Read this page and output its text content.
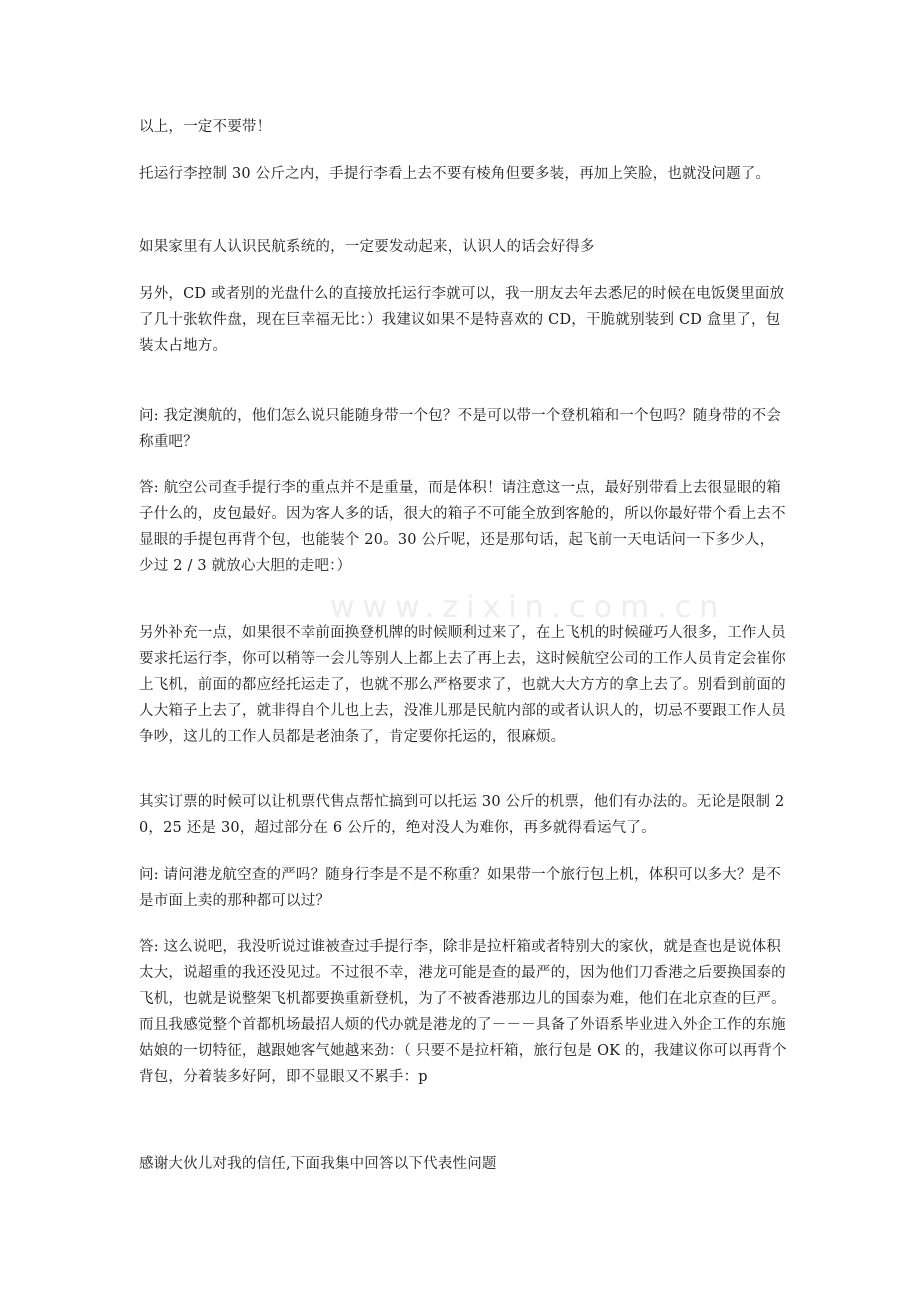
www.zixin.com.cn

以上，一定不要带！

托运行李控制 30 公斤之内，手提行李看上去不要有棱角但要多装，再加上笑脸，也就没问题了。

如果家里有人认识民航系统的，一定要发动起来，认识人的话会好得多

另外，CD 或者别的光盘什么的直接放托运行李就可以，我一朋友去年去悉尼的时候在电饭煲里面放了几十张软件盘，现在巨幸福无比：）我建议如果不是特喜欢的 CD，干脆就别装到 CD 盒里了，包装太占地方。

问: 我定澳航的，他们怎么说只能随身带一个包？不是可以带一个登机箱和一个包吗？随身带的不会称重吧？

答: 航空公司查手提行李的重点并不是重量，而是体积！请注意这一点，最好别带看上去很显眼的箱子什么的，皮包最好。因为客人多的话，很大的箱子不可能全放到客舱的，所以你最好带个看上去不显眼的手提包再背个包，也能装个 20。30 公斤呢，还是那句话，起飞前一天电话问一下多少人，少过 2 / 3 就放心大胆的走吧：）

另外补充一点，如果很不幸前面换登机牌的时候顺利过来了，在上飞机的时候碰巧人很多，工作人员要求托运行李，你可以稍等一会儿等别人上都上去了再上去，这时候航空公司的工作人员肯定会崔你上飞机，前面的都应经托运走了，也就不那么严格要求了，也就大大方方的拿上去了。别看到前面的人大箱子上去了，就非得自个儿也上去，没准儿那是民航内部的或者认识人的，切忌不要跟工作人员争吵，这儿的工作人员都是老油条了，肯定要你托运的，很麻烦。

其实订票的时候可以让机票代售点帮忙搞到可以托运 30 公斤的机票，他们有办法的。无论是限制 20，25 还是 30，超过部分在 6 公斤的，绝对没人为难你，再多就得看运气了。

问: 请问港龙航空查的严吗？随身行李是不是不称重？如果带一个旅行包上机，体积可以多大？是不是市面上卖的那种都可以过？

答: 这么说吧，我没听说过谁被查过手提行李，除非是拉杆箱或者特别大的家伙，就是查也是说体积太大，说超重的我还没见过。不过很不幸，港龙可能是查的最严的，因为他们刀香港之后要换国泰的飞机，也就是说整架飞机都要换重新登机，为了不被香港那边儿的国泰为难，他们在北京查的巨严。而且我感觉整个首都机场最招人烦的代办就是港龙的了－－－具备了外语系毕业进入外企工作的东施姑娘的一切特征，越跟她客气她越来劲：（ 只要不是拉杆箱，旅行包是 OK 的，我建议你可以再背个背包，分着装多好阿，即不显眼又不累手：p

感谢大伙儿对我的信任,下面我集中回答以下代表性问题
